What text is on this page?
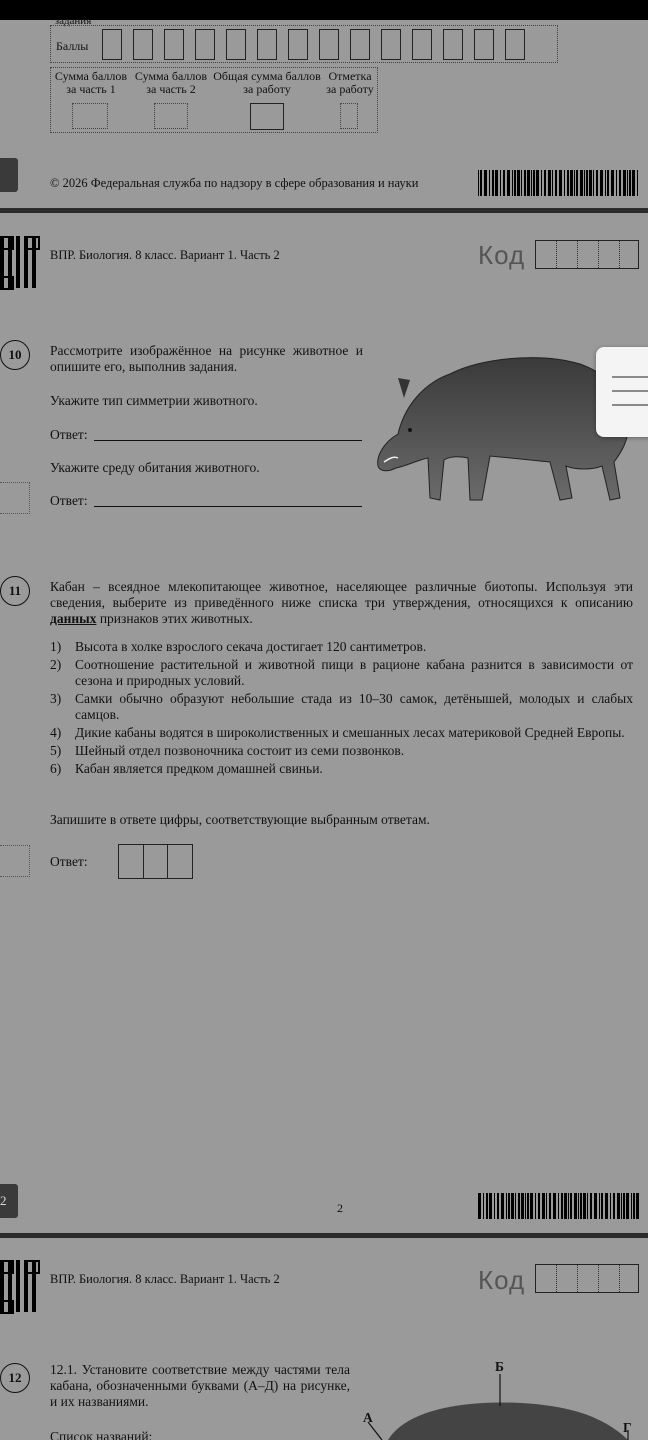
задания
Баллы
Сумма баллов
за часть 1
Сумма баллов
за часть 2
Общая сумма баллов
за работу
Отметка
за работу
© 2026 Федеральная служба по надзору в сфере образования и науки
ВПР. Биология. 8 класс. Вариант 1. Часть 2	Код
10	Рассмотрите изображённое на рисунке животное и опишите его, выполнив задания.
Укажите тип симметрии животного.
Ответ:
Укажите среду обитания животного.
Ответ:
11	Кабан – всеядное млекопитающее животное, населяющее различные биотопы. Используя эти сведения, выберите из приведённого ниже списка три утверждения, относящихся к описанию данных признаков этих животных.
1)	Высота в холке взрослого секача достигает 120 сантиметров.
2)	Соотношение растительной и животной пищи в рационе кабана разнится в зависимости от сезона и природных условий.
3)	Самки обычно образуют небольшие стада из 10–30 самок, детёнышей, молодых и слабых самцов.
4)	Дикие кабаны водятся в широколиственных и смешанных лесах материковой Средней Европы.
5)	Шейный отдел позвоночника состоит из семи позвонков.
6)	Кабан является предком домашней свиньи.
Запишите в ответе цифры, соответствующие выбранным ответам.
Ответ:
2	2
ВПР. Биология. 8 класс. Вариант 1. Часть 2	Код
12
12.1. Установите соответствие между частями тела кабана, обозначенными буквами (А–Д) на рисунке, и их названиями.
Список названий:
Б
А
Г
